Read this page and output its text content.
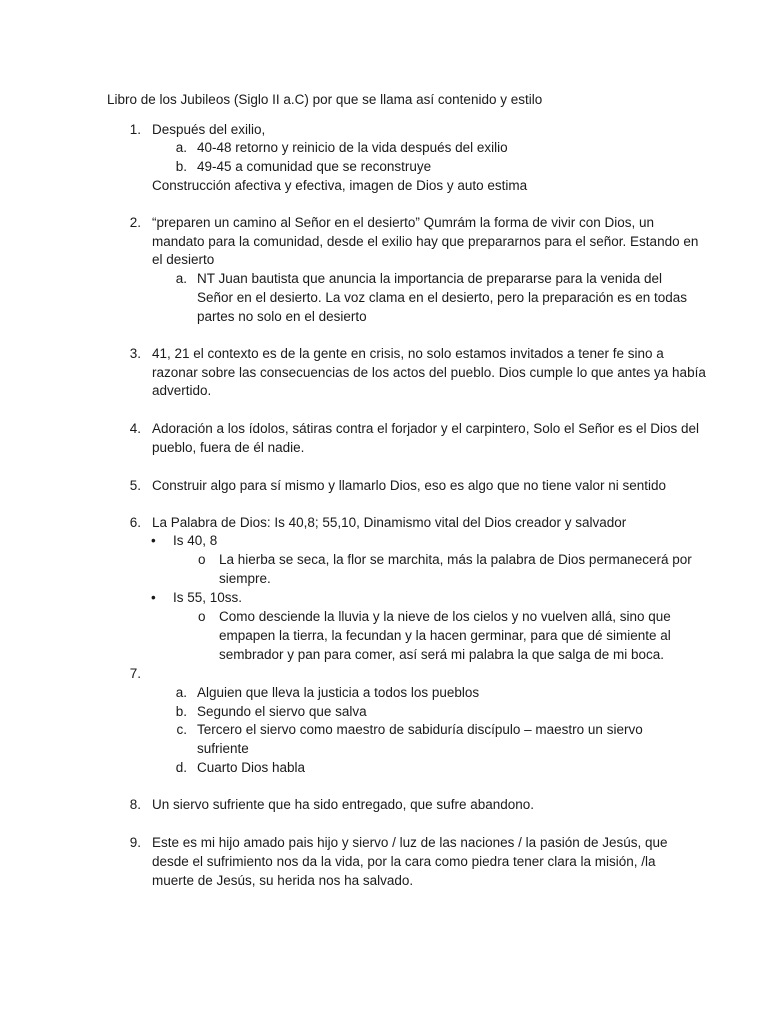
Libro de los Jubileos (Siglo II a.C) por que se llama así contenido y estilo
1. Después del exilio,
a. 40-48 retorno y reinicio de la vida después del exilio
b. 49-45 a comunidad que se reconstruye
Construcción afectiva y efectiva, imagen de Dios y auto estima
2. “preparen un camino al Señor en el desierto” Qumrám la forma de vivir con Dios, un
mandato para la comunidad, desde el exilio hay que prepararnos para el señor. Estando en
el desierto
a. NT Juan bautista que anuncia la importancia de prepararse para la venida del
Señor en el desierto. La voz clama en el desierto, pero la preparación es en todas
partes no solo en el desierto
3. 41, 21 el contexto es de la gente en crisis, no solo estamos invitados a tener fe sino a
razonar sobre las consecuencias de los actos del pueblo. Dios cumple lo que antes ya había
advertido.
4. Adoración a los ídolos, sátiras contra el forjador y el carpintero, Solo el Señor es el Dios del
pueblo, fuera de él nadie.
5. Construir algo para sí mismo y llamarlo Dios, eso es algo que no tiene valor ni sentido
6. La Palabra de Dios: Is 40,8; 55,10, Dinamismo vital del Dios creador y salvador
• Is 40, 8
o La hierba se seca, la flor se marchita, más la palabra de Dios permanecerá por
siempre.
• Is 55, 10ss.
o Como desciende la lluvia y la nieve de los cielos y no vuelven allá, sino que
empapen la tierra, la fecundan y la hacen germinar, para que dé simiente al
sembrador y pan para comer, así será mi palabra la que salga de mi boca.
7.
a. Alguien que lleva la justicia a todos los pueblos
b. Segundo el siervo que salva
c. Tercero el siervo como maestro de sabiduría discípulo – maestro un siervo
sufriente
d. Cuarto Dios habla
8. Un siervo sufriente que ha sido entregado, que sufre abandono.
9. Este es mi hijo amado pais hijo y siervo / luz de las naciones / la pasión de Jesús, que
desde el sufrimiento nos da la vida, por la cara como piedra tener clara la misión, /la
muerte de Jesús, su herida nos ha salvado.
